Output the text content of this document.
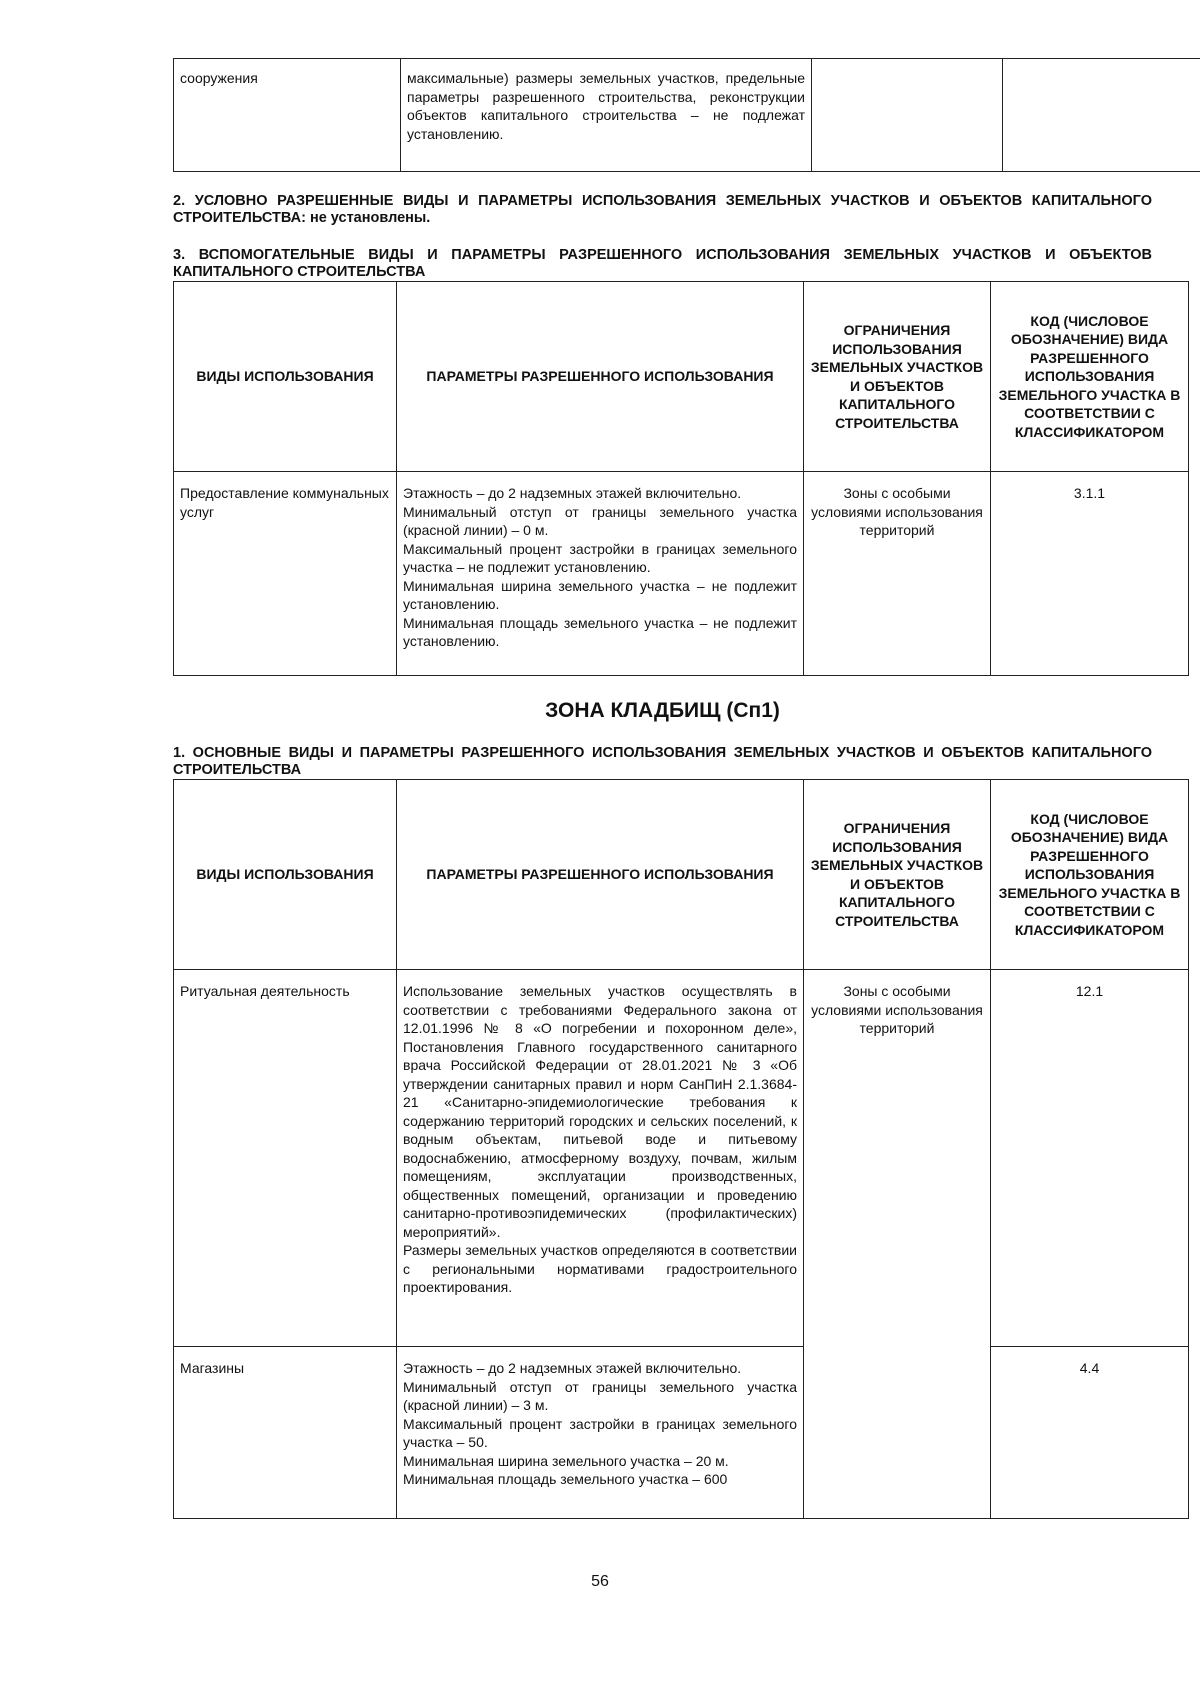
сооружения	максимальные) размеры земельных участков, предельные параметры разрешенного строительства, реконструкции объектов капитального строительства – не подлежат установлению.		

2. УСЛОВНО РАЗРЕШЕННЫЕ ВИДЫ И ПАРАМЕТРЫ ИСПОЛЬЗОВАНИЯ ЗЕМЕЛЬНЫХ УЧАСТКОВ И ОБЪЕКТОВ КАПИТАЛЬНОГО СТРОИТЕЛЬСТВА: не установлены.

3. ВСПОМОГАТЕЛЬНЫЕ ВИДЫ И ПАРАМЕТРЫ РАЗРЕШЕННОГО ИСПОЛЬЗОВАНИЯ ЗЕМЕЛЬНЫХ УЧАСТКОВ И ОБЪЕКТОВ КАПИТАЛЬНОГО СТРОИТЕЛЬСТВА

ВИДЫ ИСПОЛЬЗОВАНИЯ	ПАРАМЕТРЫ РАЗРЕШЕННОГО ИСПОЛЬЗОВАНИЯ	ОГРАНИЧЕНИЯ ИСПОЛЬЗОВАНИЯ ЗЕМЕЛЬНЫХ УЧАСТКОВ И ОБЪЕКТОВ КАПИТАЛЬНОГО СТРОИТЕЛЬСТВА	КОД (ЧИСЛОВОЕ ОБОЗНАЧЕНИЕ) ВИДА РАЗРЕШЕННОГО ИСПОЛЬЗОВАНИЯ ЗЕМЕЛЬНОГО УЧАСТКА В СООТВЕТСТВИИ С КЛАССИФИКАТОРОМ
Предоставление коммунальных услуг	Этажность – до 2 надземных этажей включительно.

Минимальный отступ от границы земельного участка (красной линии) – 0 м.

Максимальный процент застройки в границах земельного участка – не подлежит установлению.

Минимальная ширина земельного участка – не подлежит установлению.

Минимальная площадь земельного участка – не подлежит установлению.	Зоны с особыми условиями использования территорий	3.1.1

ЗОНА КЛАДБИЩ (Сп1)

1. ОСНОВНЫЕ ВИДЫ И ПАРАМЕТРЫ РАЗРЕШЕННОГО ИСПОЛЬЗОВАНИЯ ЗЕМЕЛЬНЫХ УЧАСТКОВ И ОБЪЕКТОВ КАПИТАЛЬНОГО СТРОИТЕЛЬСТВА

ВИДЫ ИСПОЛЬЗОВАНИЯ	ПАРАМЕТРЫ РАЗРЕШЕННОГО ИСПОЛЬЗОВАНИЯ	ОГРАНИЧЕНИЯ ИСПОЛЬЗОВАНИЯ ЗЕМЕЛЬНЫХ УЧАСТКОВ И ОБЪЕКТОВ КАПИТАЛЬНОГО СТРОИТЕЛЬСТВА	КОД (ЧИСЛОВОЕ ОБОЗНАЧЕНИЕ) ВИДА РАЗРЕШЕННОГО ИСПОЛЬЗОВАНИЯ ЗЕМЕЛЬНОГО УЧАСТКА В СООТВЕТСТВИИ С КЛАССИФИКАТОРОМ
Ритуальная деятельность	Использование земельных участков осуществлять в соответствии с требованиями Федерального закона от 12.01.1996 № 8 «О погребении и похоронном деле», Постановления Главного государственного санитарного врача Российской Федерации от 28.01.2021 № 3 «Об утверждении санитарных правил и норм СанПиН 2.1.3684-21 «Санитарно-эпидемиологические требования к содержанию территорий городских и сельских поселений, к водным объектам, питьевой воде и питьевому водоснабжению, атмосферному воздуху, почвам, жилым помещениям, эксплуатации производственных, общественных помещений, организации и проведению санитарно-противоэпидемических (профилактических) мероприятий».

Размеры земельных участков определяются в соответствии с региональными нормативами градостроительного проектирования.	Зоны с особыми условиями использования территорий	12.1
Магазины	Этажность – до 2 надземных этажей включительно.

Минимальный отступ от границы земельного участка (красной линии) – 3 м.

Максимальный процент застройки в границах земельного участка – 50.

Минимальная ширина земельного участка – 20 м.

Минимальная площадь земельного участка – 600		4.4
56
